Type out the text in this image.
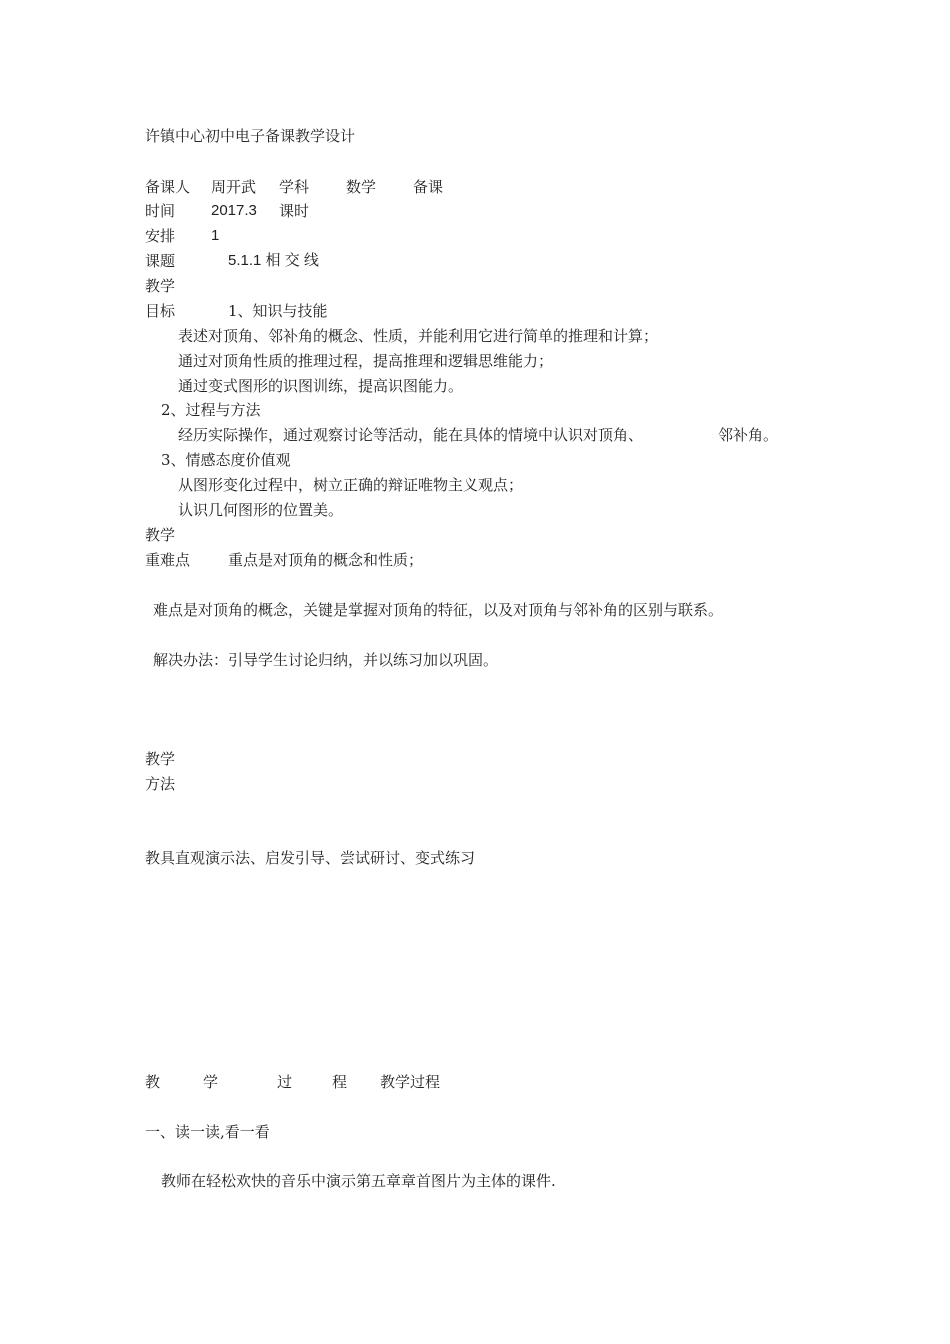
许镇中心初中电子备课教学设计
备课人 周开武 学科 数学 备课
时间 2017.3 课时
安排 1
课题	5.1.1 相 交 线
教学
目标	1、知识与技能
表述对顶角、邻补角的概念、性质，并能利用它进行简单的推理和计算；
通过对顶角性质的推理过程，提高推理和逻辑思维能力；
通过变式图形的识图训练，提高识图能力。
2、过程与方法
经历实际操作，通过观察讨论等活动，能在具体的情境中认识对顶角、	邻补角。
3、情感态度价值观
从图形变化过程中，树立正确的辩证唯物主义观点；
认识几何图形的位置美。
教学
重难点	重点是对顶角的概念和性质；
难点是对顶角的概念，关键是掌握对顶角的特征，以及对顶角与邻补角的区别与联系。
解决办法：引导学生讨论归纳，并以练习加以巩固。
教学
方法
教具直观演示法、启发引导、尝试研讨、变式练习
教	学	过	程 教学过程
一、读一读,看一看
教师在轻松欢快的音乐中演示第五章章首图片为主体的课件.
